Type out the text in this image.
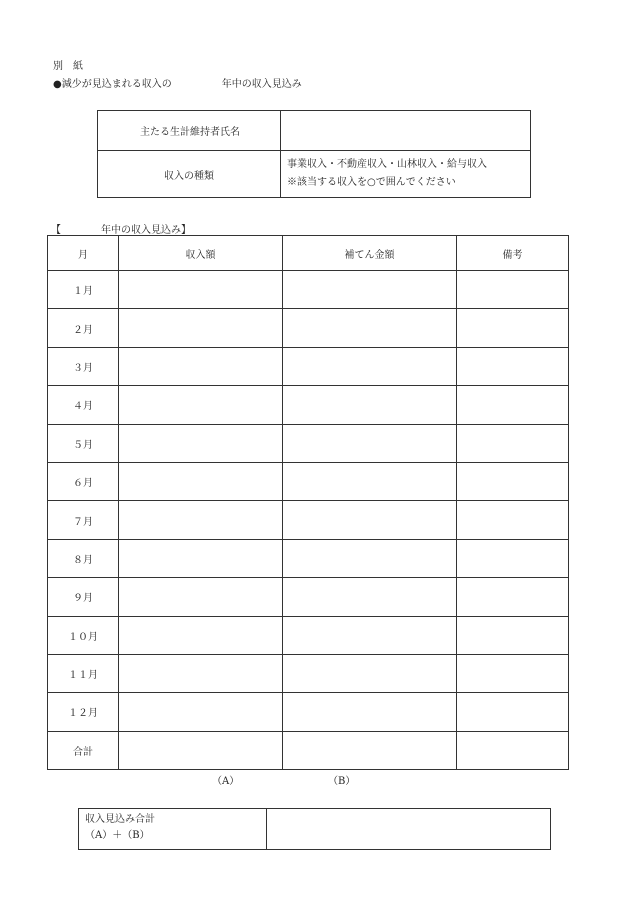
別　紙
●減少が見込まれる収入の　　　　　年中の収入見込み
主たる生計維持者氏名	
収入の種類	事業収入・不動産収入・山林収入・給与収入
※該当する収入を○で囲んでください
【　　　　年中の収入見込み】
月	収入額	補てん金額	備考
１月			
２月			
３月			
４月			
５月			
６月			
７月			
８月			
９月			
１０月			
１１月			
１２月			
合計			
（A）	（B）
収入見込み合計
（A）＋（B）
